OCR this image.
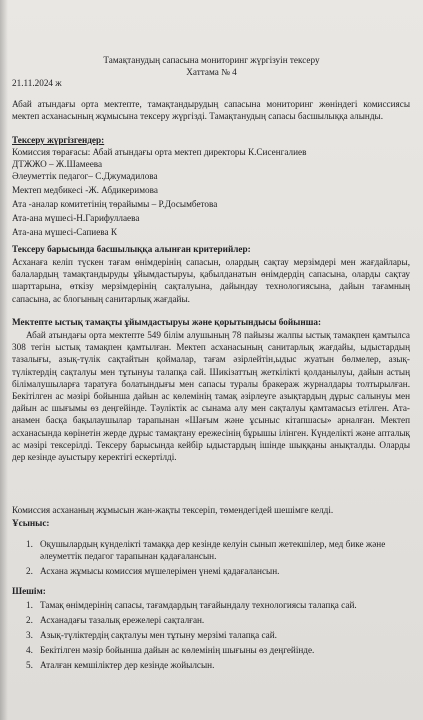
Тамақтанудың сапасына мониторинг жүргізуін тексеру
Хаттама № 4
21.11.2024 ж
Абай атындағы орта мектепте, тамақтандырудың сапасына мониторинг жөніндегі комиссиясы мектеп асханасының жұмысына тексеру жүргізді. Тамақтанудың сапасы басшылыққа алынды.
Тексеру жүргізгендер:
Комиссия төрағасы: Абай атындағы орта мектеп директоры К.Сисенгалиев
ДТЖЖО – Ж.Шамеева
Әлеуметтік педагог– С.Джумадилова
Мектеп медбикесі -Ж. Абдикеримова
Ата -аналар комитетінің төрайымы – Р.Досымбетова
Ата-ана мүшесі-Н.Гарифуллаева
Ата-ана мүшесі-Сапиева К
Тексеру барысында басшылыққа алынған критерийлер:
Асханаға келіп түскен тағам өнімдерінің сапасын, олардың сақтау мерзімдері мен жағдайлары, балалардың тамақтандыруды ұйымдастыруы, қабылданатын өнімдердің сапасына, оларды сақтау шарттарына, өткізу мерзімдерінің сақталуына, дайындау технологиясына, дайын тағамның сапасына, ас блогының санитарлық жағдайы.
Мектепте ыстық тамақты ұйымдастыруы және қорытындысы бойынша:
Абай атындағы орта мектепте 549 білім алушының 78 пайызы жалпы ыстық тамақпен қамтылса 308 тегін ыстық тамақпен қамтылған. Мектеп асханасының санитарлық жағдайы, ыдыстардың тазалығы, азық-түлік сақтайтын қоймалар, тағам әзірлейтін,ыдыс жуатын бөлмелер, азық-түліктердің сақталуы мен тұтынуы талапқа сай. Шикізаттың жеткіліктi қолданылуы, дайын астың білімалушыларға таратуға болатындығы мен сапасы туралы бракераж журналдары толтырылған. Бекітілген ас мәзірі бойынша дайын ас көлемінің тамақ әзірлеуге азықтардың дұрыс салынуы мен дайын ас шығымы өз деңгейінде. Тәуліктік ас сынама алу мен сақталуы қамтамасыз етілген. Ата-анамен басқа бақылаушылар тарапынан «Шағым және ұсыныс кітапшасы» арналған. Мектеп асханасында көрінетін жерде дұрыс тамақтану ережесінің бұрышы ілінген. Күнделікті және апталық ас мәзірі тексерілді. Тексеру барысында кейбір ыдыстардың ішінде шыққаны анықталды. Оларды дер кезінде ауыстыру керектігі ескертілді.
Комиссия асхананың жұмысын жан-жақты тексеріп, төмендегідей шешімге келді.
Ұсыныс:
1. Оқушылардың күнделікті тамаққа дер кезінде келуін сынып жетекшілер, мед бике және әлеуметтік педагог тарапынан қадағалансын.
2. Асхана жұмысы комиссия мүшелерімен үнемі қадағалансын.
Шешім:
1. Тамақ өнімдерінің сапасы, тағамдардың тағайындалу технологиясы талапқа сай.
2. Асханадағы тазалық ережелері сақталған.
3. Азық-түліктердің сақталуы мен тұтыну мерзімі талапқа сай.
4. Бекітілген мәзір бойынша дайын ас көлемінің шығыны өз деңгейінде.
5. Аталған кемшіліктер дер кезінде жойылсын.
